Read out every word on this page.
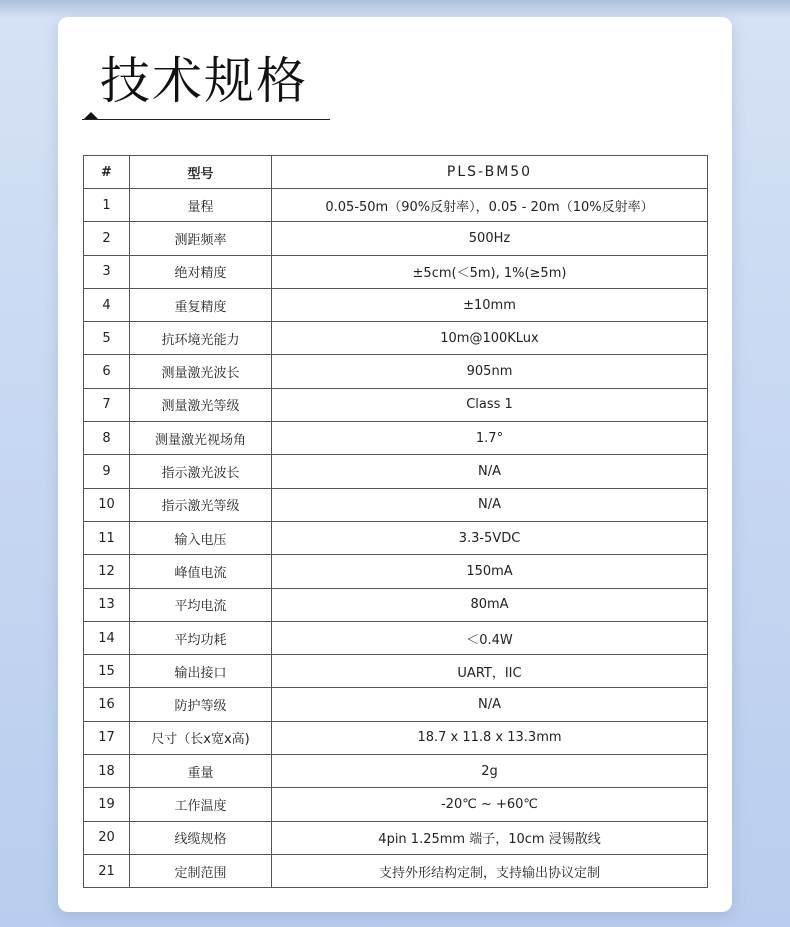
技术规格
#	型号	PLS-BM50
1	量程	0.05-50m（90%反射率），0.05 - 20m（10%反射率）
2	测距频率	500Hz
3	绝对精度	±5cm(＜5m), 1%(≥5m)
4	重复精度	±10mm
5	抗环境光能力	10m@100KLux
6	测量激光波长	905nm
7	测量激光等级	Class 1
8	测量激光视场角	1.7°
9	指示激光波长	N/A
10	指示激光等级	N/A
11	输入电压	3.3-5VDC
12	峰值电流	150mA
13	平均电流	80mA
14	平均功耗	＜0.4W
15	输出接口	UART，IIC
16	防护等级	N/A
17	尺寸（长x宽x高)	18.7 x 11.8 x 13.3mm
18	重量	2g
19	工作温度	-20℃ ~ +60℃
20	线缆规格	4pin 1.25mm 端子，10cm 浸锡散线
21	定制范围	支持外形结构定制，支持输出协议定制
